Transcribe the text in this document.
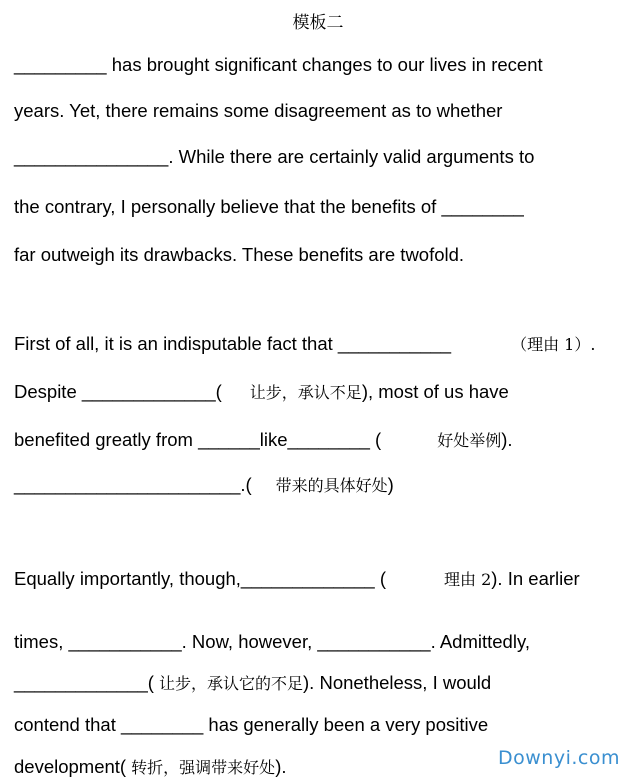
模板二
_________ has brought significant changes to our lives in recent
years. Yet, there remains some disagreement as to whether
_______________. While there are certainly valid arguments to
the contrary, I personally believe that the benefits of ________
far outweigh its drawbacks. These benefits are twofold.
First of all, it is an indisputable fact that ___________	（理由 1）.
Despite _____________( 让步，承认不足), most of us have
benefited greatly from ______like________ (	好处举例).
______________________.( 带来的具体好处)
Equally importantly, though,_____________ (	理由 2). In earlier
times, ___________. Now, however, ___________. Admittedly,
_____________( 让步，承认它的不足). Nonetheless, I would
contend that ________ has generally been a very positive
development( 转折，强调带来好处).	Downyi.com
